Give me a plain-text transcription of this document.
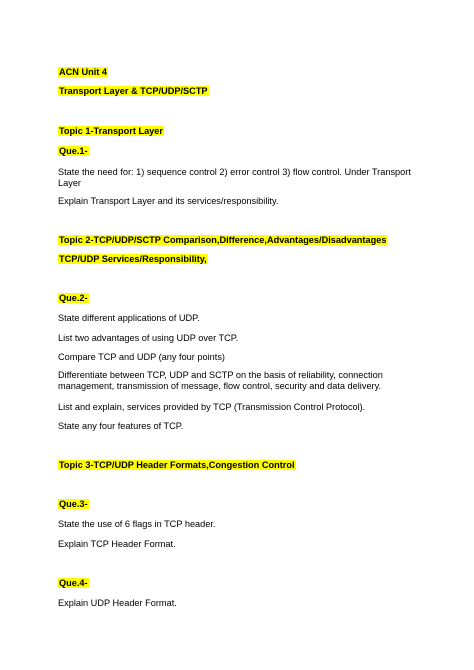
ACN Unit 4
Transport Layer & TCP/UDP/SCTP
Topic 1-Transport Layer
Que.1-
State the need for: 1) sequence control 2) error control 3) flow control. Under Transport Layer
Explain Transport Layer and its services/responsibility.
Topic 2-TCP/UDP/SCTP Comparison,Difference,Advantages/Disadvantages
TCP/UDP Services/Responsibility,
Que.2-
State different applications of UDP.
List two advantages of using UDP over TCP.
Compare TCP and UDP (any four points)
Differentiate between TCP, UDP and SCTP on the basis of reliability, connection management, transmission of message, flow control, security and data delivery.
List and explain, services provided by TCP (Transmission Control Protocol).
State any four features of TCP.
Topic 3-TCP/UDP Header Formats,Congestion Control
Que.3-
State the use of 6 flags in TCP header.
Explain TCP Header Format.
Que.4-
Explain UDP Header Format.
